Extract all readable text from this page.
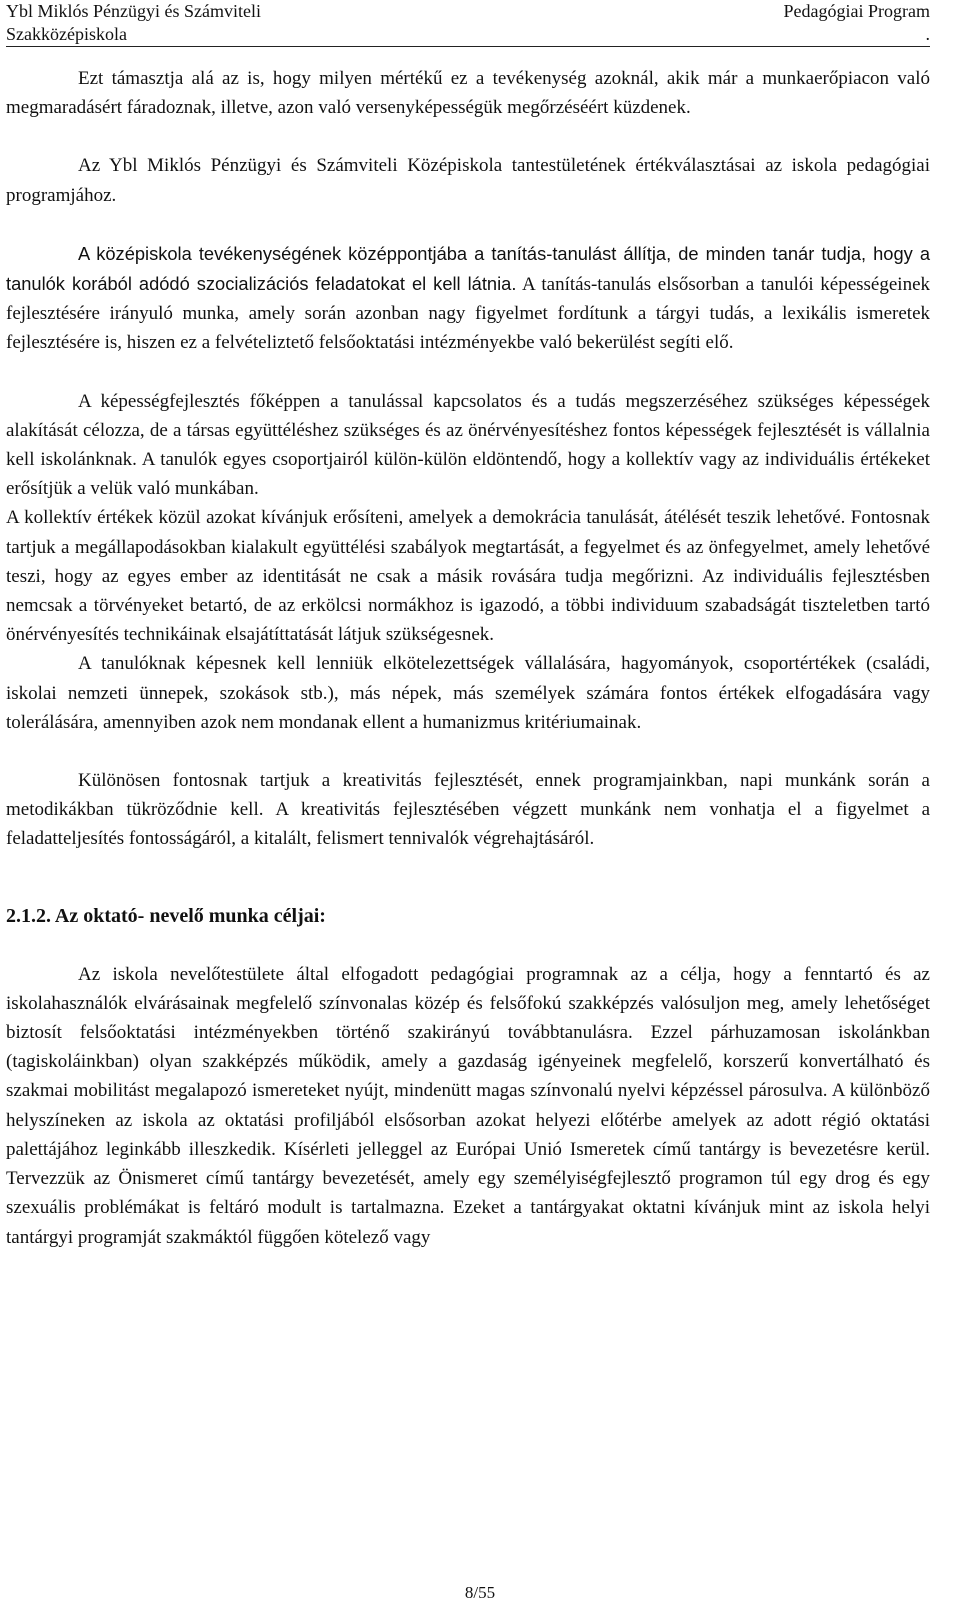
Ybl Miklós Pénzügyi és Számviteli
Szakközépiskola
Pedagógiai Program
.

Ezt támasztja alá az is, hogy milyen mértékű ez a tevékenység azoknál, akik már a munkaerőpiacon való megmaradásért fáradoznak, illetve, azon való versenyképességük megőrzéséért küzdenek.

Az Ybl Miklós Pénzügyi és Számviteli Középiskola tantestületének értékválasztásai az iskola pedagógiai programjához.

A középiskola tevékenységének középpontjába a tanítás-tanulást állítja, de minden tanár tudja, hogy a tanulók korából adódó szocializációs feladatokat el kell látnia. A tanítás-tanulás elsősorban a tanulói képességeinek fejlesztésére irányuló munka, amely során azonban nagy figyelmet fordítunk a tárgyi tudás, a lexikális ismeretek fejlesztésére is, hiszen ez a felvételiztető felsőoktatási intézményekbe való bekerülést segíti elő.

A képességfejlesztés főképpen a tanulással kapcsolatos és a tudás megszerzéséhez szükséges képességek alakítását célozza, de a társas együttéléshez szükséges és az önérvényesítéshez fontos képességek fejlesztését is vállalnia kell iskolánknak. A tanulók egyes csoportjairól külön-külön eldöntendő, hogy a kollektív vagy az individuális értékeket erősítjük a velük való munkában.

A kollektív értékek közül azokat kívánjuk erősíteni, amelyek a demokrácia tanulását, átélését teszik lehetővé. Fontosnak tartjuk a megállapodásokban kialakult együttélési szabályok megtartását, a fegyelmet és az önfegyelmet, amely lehetővé teszi, hogy az egyes ember az identitását ne csak a másik rovására tudja megőrizni. Az individuális fejlesztésben nemcsak a törvényeket betartó, de az erkölcsi normákhoz is igazodó, a többi individuum szabadságát tiszteletben tartó önérvényesítés technikáinak elsajátíttatását látjuk szükségesnek.

A tanulóknak képesnek kell lenniük elkötelezettségek vállalására, hagyományok, csoportértékek (családi, iskolai nemzeti ünnepek, szokások stb.), más népek, más személyek számára fontos értékek elfogadására vagy tolerálására, amennyiben azok nem mondanak ellent a humanizmus kritériumainak.

Különösen fontosnak tartjuk a kreativitás fejlesztését, ennek programjainkban, napi munkánk során a metodikákban tükröződnie kell. A kreativitás fejlesztésében végzett munkánk nem vonhatja el a figyelmet a feladatteljesítés fontosságáról, a kitalált, felismert tennivalók végrehajtásáról.

2.1.2. Az oktató- nevelő munka céljai:

Az iskola nevelőtestülete által elfogadott pedagógiai programnak az a célja, hogy a fenntartó és az iskolahasználók elvárásainak megfelelő színvonalas közép és felsőfokú szakképzés valósuljon meg, amely lehetőséget biztosít felsőoktatási intézményekben történő szakirányú továbbtanulásra. Ezzel párhuzamosan iskolánkban (tagiskoláinkban) olyan szakképzés működik, amely a gazdaság igényeinek megfelelő, korszerű konvertálható és szakmai mobilitást megalapozó ismereteket nyújt, mindenütt magas színvonalú nyelvi képzéssel párosulva. A különböző helyszíneken az iskola az oktatási profiljából elsősorban azokat helyezi előtérbe amelyek az adott régió oktatási palettájához leginkább illeszkedik. Kísérleti jelleggel az Európai Unió Ismeretek című tantárgy is bevezetésre kerül. Tervezzük az Önismeret című tantárgy bevezetését, amely egy személyiségfejlesztő programon túl egy drog és egy szexuális problémákat is feltáró modult is tartalmazna. Ezeket a tantárgyakat oktatni kívánjuk mint az iskola helyi tantárgyi programját szakmáktól függően kötelező vagy

8/55
